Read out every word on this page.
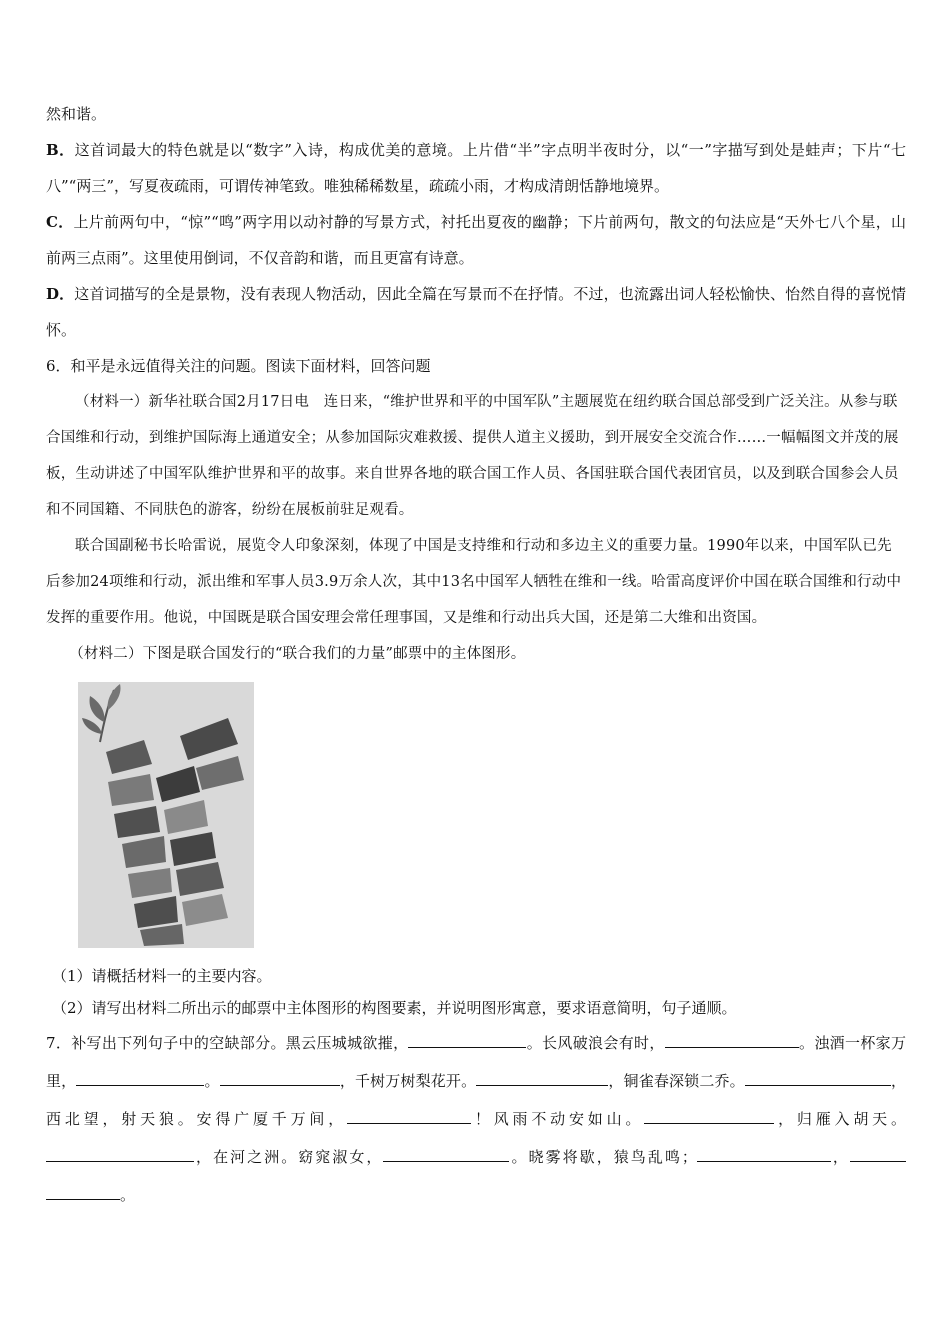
然和谐。

B．这首词最大的特色就是以“数字”入诗，构成优美的意境。上片借“半”字点明半夜时分，以“一”字描写到处是蛙声；下片“七八”“两三”，写夏夜疏雨，可谓传神笔致。唯独稀稀数星，疏疏小雨，才构成清朗恬静地境界。

C．上片前两句中，“惊”“鸣”两字用以动衬静的写景方式，衬托出夏夜的幽静；下片前两句，散文的句法应是“天外七八个星，山前两三点雨”。这里使用倒词，不仅音韵和谐，而且更富有诗意。

D．这首词描写的全是景物，没有表现人物活动，因此全篇在写景而不在抒情。不过，也流露出词人轻松愉快、怡然自得的喜悦情怀。

6．和平是永远值得关注的问题。图读下面材料，回答问题

（材料一）新华社联合国2月17日电　连日来，“维护世界和平的中国军队”主题展览在纽约联合国总部受到广泛关注。从参与联合国维和行动，到维护国际海上通道安全；从参加国际灾难救援、提供人道主义援助，到开展安全交流合作……一幅幅图文并茂的展板，生动讲述了中国军队维护世界和平的故事。来自世界各地的联合国工作人员、各国驻联合国代表团官员，以及到联合国参会人员和不同国籍、不同肤色的游客，纷纷在展板前驻足观看。

联合国副秘书长哈雷说，展览令人印象深刻，体现了中国是支持维和行动和多边主义的重要力量。1990年以来，中国军队已先后参加24项维和行动，派出维和军事人员3.9万余人次，其中13名中国军人牺牲在维和一线。哈雷高度评价中国在联合国维和行动中发挥的重要作用。他说，中国既是联合国安理会常任理事国，又是维和行动出兵大国，还是第二大维和出资国。

（材料二）下图是联合国发行的“联合我们的力量”邮票中的主体图形。

（1）请概括材料一的主要内容。

（2）请写出材料二所出示的邮票中主体图形的构图要素，并说明图形寓意，要求语意简明，句子通顺。

7．补写出下列句子中的空缺部分。黑云压城城欲摧，	。长风破浪会有时，	。浊酒一杯家万里，	。	，千树万树梨花开。	，铜雀春深锁二乔。	，西北望，射天狼。安得广厦千万间，	！风雨不动安如山。	，归雁入胡天。，在河之洲。窈窕淑女，	。晓雾将歇，猿鸟乱鸣；	，。
